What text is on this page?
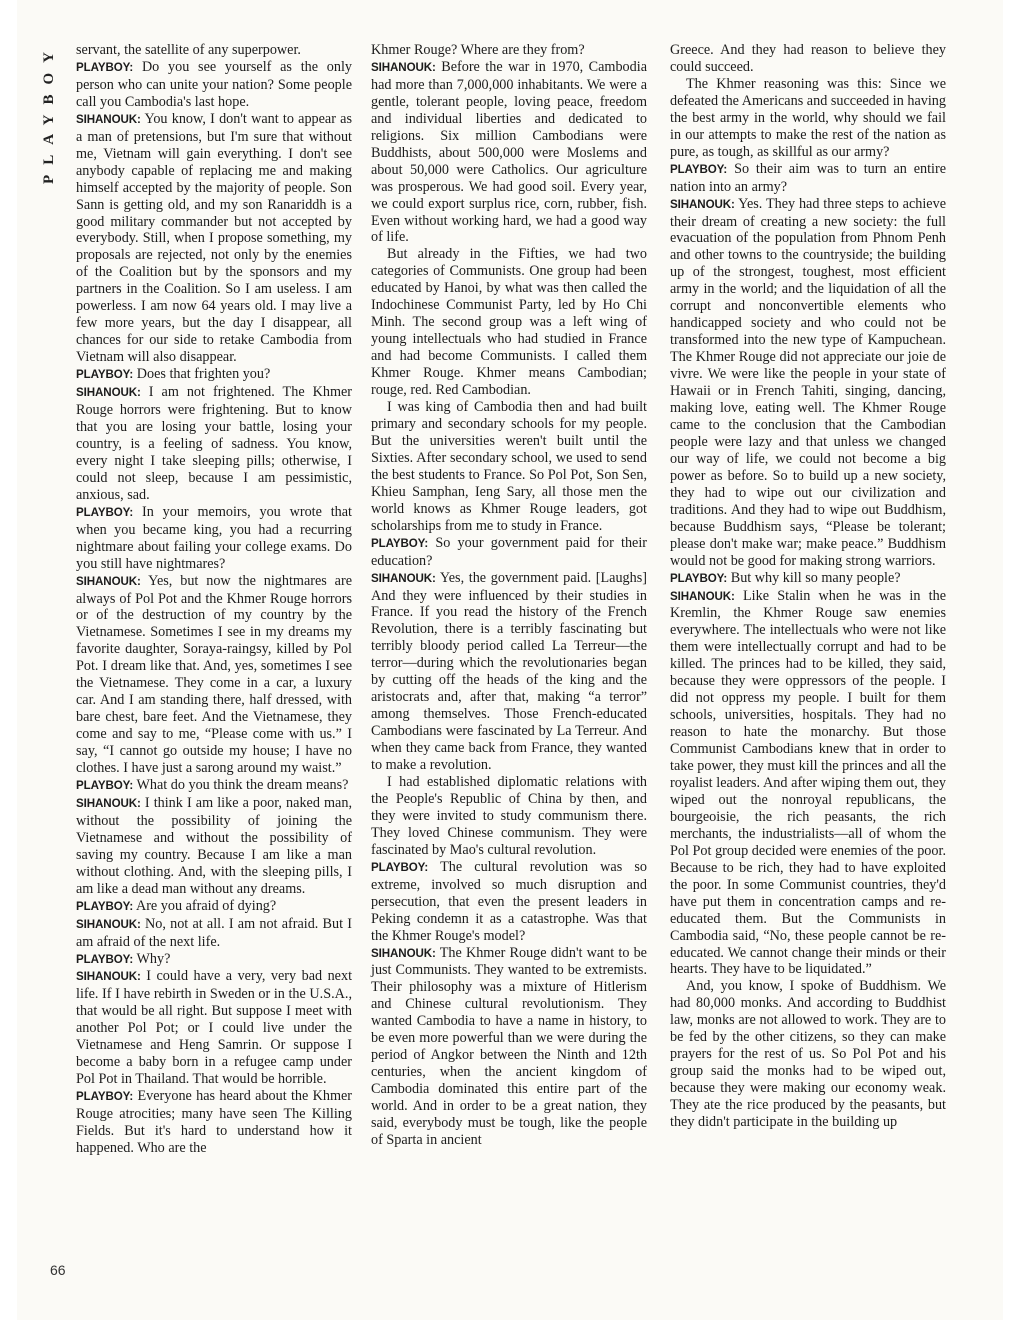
PLAYBOY
66

servant, the satellite of any superpower.

PLAYBOY: Do you see yourself as the only person who can unite your nation? Some people call you Cambodia's last hope.

SIHANOUK: You know, I don't want to appear as a man of pretensions, but I'm sure that without me, Vietnam will gain everything. I don't see anybody capable of replacing me and making himself accepted by the majority of people. Son Sann is getting old, and my son Ranariddh is a good military commander but not accepted by everybody. Still, when I propose something, my proposals are rejected, not only by the enemies of the Coalition but by the sponsors and my partners in the Coalition. So I am useless. I am powerless. I am now 64 years old. I may live a few more years, but the day I disappear, all chances for our side to retake Cambodia from Vietnam will also disappear.

PLAYBOY: Does that frighten you?

SIHANOUK: I am not frightened. The Khmer Rouge horrors were frightening. But to know that you are losing your battle, losing your country, is a feeling of sadness. You know, every night I take sleeping pills; otherwise, I could not sleep, because I am pessimistic, anxious, sad.

PLAYBOY: In your memoirs, you wrote that when you became king, you had a recurring nightmare about failing your college exams. Do you still have nightmares?

SIHANOUK: Yes, but now the nightmares are always of Pol Pot and the Khmer Rouge horrors or of the destruction of my country by the Vietnamese. Sometimes I see in my dreams my favorite daughter, Soraya-raingsy, killed by Pol Pot. I dream like that. And, yes, sometimes I see the Vietnamese. They come in a car, a luxury car. And I am standing there, half dressed, with bare chest, bare feet. And the Vietnamese, they come and say to me, “Please come with us.” I say, “I cannot go outside my house; I have no clothes. I have just a sarong around my waist.”

PLAYBOY: What do you think the dream means?

SIHANOUK: I think I am like a poor, naked man, without the possibility of joining the Vietnamese and without the possibility of saving my country. Because I am like a man without clothing. And, with the sleeping pills, I am like a dead man without any dreams.

PLAYBOY: Are you afraid of dying?

SIHANOUK: No, not at all. I am not afraid. But I am afraid of the next life.

PLAYBOY: Why?

SIHANOUK: I could have a very, very bad next life. If I have rebirth in Sweden or in the U.S.A., that would be all right. But suppose I meet with another Pol Pot; or I could live under the Vietnamese and Heng Samrin. Or suppose I become a baby born in a refugee camp under Pol Pot in Thailand. That would be horrible.

PLAYBOY: Everyone has heard about the Khmer Rouge atrocities; many have seen The Killing Fields. But it's hard to understand how it happened. Who are the

Khmer Rouge? Where are they from?

SIHANOUK: Before the war in 1970, Cambodia had more than 7,000,000 inhabitants. We were a gentle, tolerant people, loving peace, freedom and individual liberties and dedicated to religions. Six million Cambodians were Buddhists, about 500,000 were Moslems and about 50,000 were Catholics. Our agriculture was prosperous. We had good soil. Every year, we could export surplus rice, corn, rubber, fish. Even without working hard, we had a good way of life.

But already in the Fifties, we had two categories of Communists. One group had been educated by Hanoi, by what was then called the Indochinese Communist Party, led by Ho Chi Minh. The second group was a left wing of young intellectuals who had studied in France and had become Communists. I called them Khmer Rouge. Khmer means Cambodian; rouge, red. Red Cambodian.

I was king of Cambodia then and had built primary and secondary schools for my people. But the universities weren't built until the Sixties. After secondary school, we used to send the best students to France. So Pol Pot, Son Sen, Khieu Samphan, Ieng Sary, all those men the world knows as Khmer Rouge leaders, got scholarships from me to study in France.

PLAYBOY: So your government paid for their education?

SIHANOUK: Yes, the government paid. [Laughs] And they were influenced by their studies in France. If you read the history of the French Revolution, there is a terribly fascinating but terribly bloody period called La Terreur—the terror—during which the revolutionaries began by cutting off the heads of the king and the aristocrats and, after that, making “a terror” among themselves. Those French-educated Cambodians were fascinated by La Terreur. And when they came back from France, they wanted to make a revolution.

I had established diplomatic relations with the People's Republic of China by then, and they were invited to study communism there. They loved Chinese communism. They were fascinated by Mao's cultural revolution.

PLAYBOY: The cultural revolution was so extreme, involved so much disruption and persecution, that even the present leaders in Peking condemn it as a catastrophe. Was that the Khmer Rouge's model?

SIHANOUK: The Khmer Rouge didn't want to be just Communists. They wanted to be extremists. Their philosophy was a mixture of Hitlerism and Chinese cultural revolutionism. They wanted Cambodia to have a name in history, to be even more powerful than we were during the period of Angkor between the Ninth and 12th centuries, when the ancient kingdom of Cambodia dominated this entire part of the world. And in order to be a great nation, they said, everybody must be tough, like the people of Sparta in ancient

Greece. And they had reason to believe they could succeed.

The Khmer reasoning was this: Since we defeated the Americans and succeeded in having the best army in the world, why should we fail in our attempts to make the rest of the nation as pure, as tough, as skillful as our army?

PLAYBOY: So their aim was to turn an entire nation into an army?

SIHANOUK: Yes. They had three steps to achieve their dream of creating a new society: the full evacuation of the population from Phnom Penh and other towns to the countryside; the building up of the strongest, toughest, most efficient army in the world; and the liquidation of all the corrupt and nonconvertible elements who handicapped society and who could not be transformed into the new type of Kampuchean. The Khmer Rouge did not appreciate our joie de vivre. We were like the people in your state of Hawaii or in French Tahiti, singing, dancing, making love, eating well. The Khmer Rouge came to the conclusion that the Cambodian people were lazy and that unless we changed our way of life, we could not become a big power as before. So to build up a new society, they had to wipe out our civilization and traditions. And they had to wipe out Buddhism, because Buddhism says, “Please be tolerant; please don't make war; make peace.” Buddhism would not be good for making strong warriors.

PLAYBOY: But why kill so many people?

SIHANOUK: Like Stalin when he was in the Kremlin, the Khmer Rouge saw enemies everywhere. The intellectuals who were not like them were intellectually corrupt and had to be killed. The princes had to be killed, they said, because they were oppressors of the people. I did not oppress my people. I built for them schools, universities, hospitals. They had no reason to hate the monarchy. But those Communist Cambodians knew that in order to take power, they must kill the princes and all the royalist leaders. And after wiping them out, they wiped out the nonroyal republicans, the bourgeoisie, the rich peasants, the rich merchants, the industrialists—all of whom the Pol Pot group decided were enemies of the poor. Because to be rich, they had to have exploited the poor. In some Communist countries, they'd have put them in concentration camps and re-educated them. But the Communists in Cambodia said, “No, these people cannot be re-educated. We cannot change their minds or their hearts. They have to be liquidated.”

And, you know, I spoke of Buddhism. We had 80,000 monks. And according to Buddhist law, monks are not allowed to work. They are to be fed by the other citizens, so they can make prayers for the rest of us. So Pol Pot and his group said the monks had to be wiped out, because they were making our economy weak. They ate the rice produced by the peasants, but they didn't participate in the building up
